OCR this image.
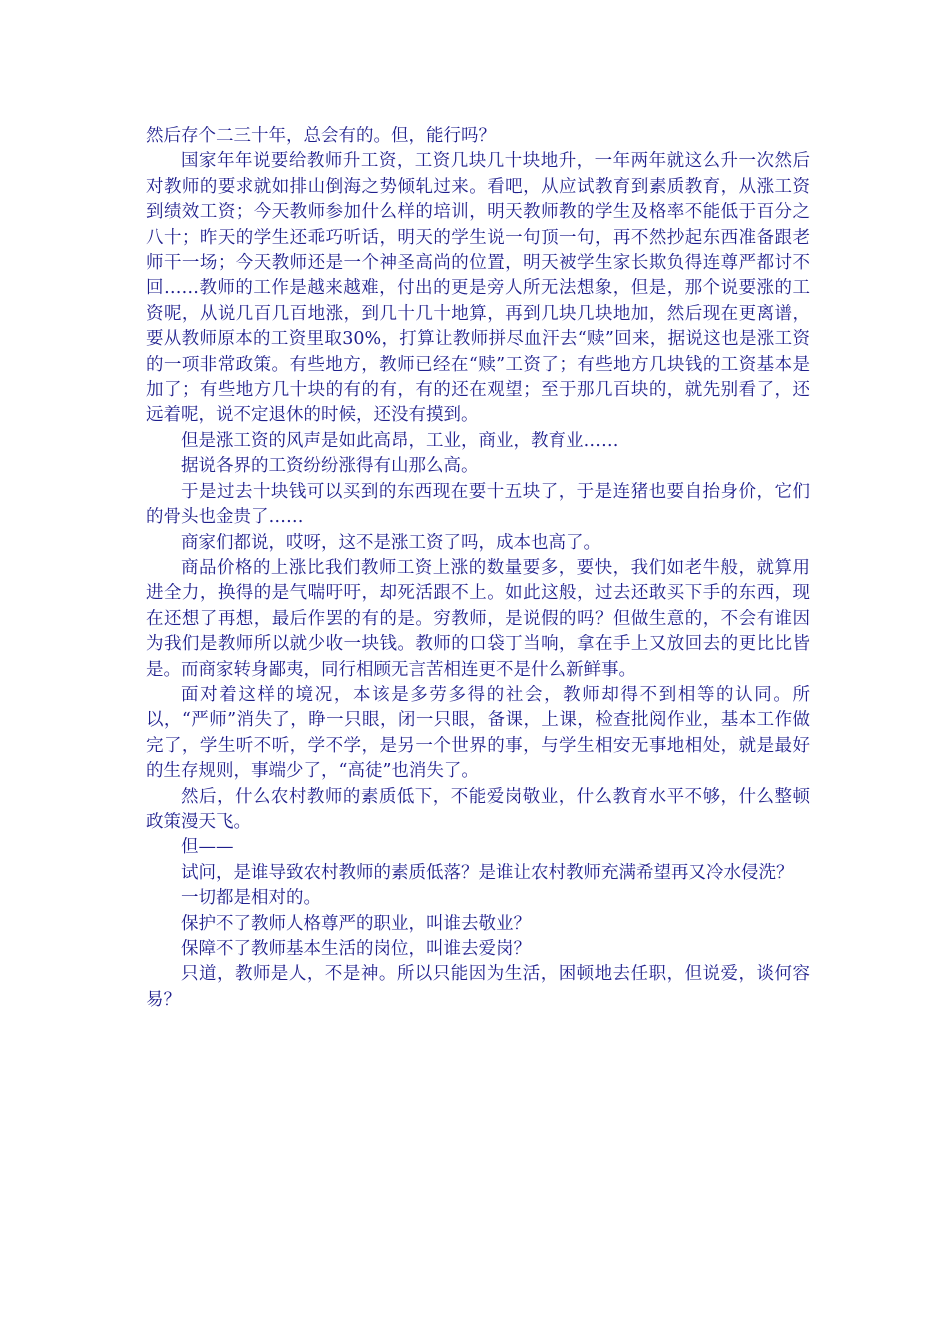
然后存个二三十年，总会有的。但，能行吗？

国家年年说要给教师升工资，工资几块几十块地升，一年两年就这么升一次然后对教师的要求就如排山倒海之势倾轧过来。看吧，从应试教育到素质教育，从涨工资到绩效工资；今天教师参加什么样的培训，明天教师教的学生及格率不能低于百分之八十；昨天的学生还乖巧听话，明天的学生说一句顶一句，再不然抄起东西准备跟老师干一场；今天教师还是一个神圣高尚的位置，明天被学生家长欺负得连尊严都讨不回……教师的工作是越来越难，付出的更是旁人所无法想象，但是，那个说要涨的工资呢，从说几百几百地涨，到几十几十地算，再到几块几块地加，然后现在更离谱，要从教师原本的工资里取30%，打算让教师拼尽血汗去“赎”回来，据说这也是涨工资的一项非常政策。有些地方，教师已经在“赎”工资了；有些地方几块钱的工资基本是加了；有些地方几十块的有的有，有的还在观望；至于那几百块的，就先别看了，还远着呢，说不定退休的时候，还没有摸到。

但是涨工资的风声是如此高昂，工业，商业，教育业……

据说各界的工资纷纷涨得有山那么高。

于是过去十块钱可以买到的东西现在要十五块了，于是连猪也要自抬身价，它们的骨头也金贵了……

商家们都说，哎呀，这不是涨工资了吗，成本也高了。

商品价格的上涨比我们教师工资上涨的数量要多，要快，我们如老牛般，就算用进全力，换得的是气喘吁吁，却死活跟不上。如此这般，过去还敢买下手的东西，现在还想了再想，最后作罢的有的是。穷教师，是说假的吗？但做生意的，不会有谁因为我们是教师所以就少收一块钱。教师的口袋丁当响，拿在手上又放回去的更比比皆是。而商家转身鄙夷，同行相顾无言苦相连更不是什么新鲜事。

面对着这样的境况，本该是多劳多得的社会，教师却得不到相等的认同。所以，“严师”消失了，睁一只眼，闭一只眼，备课，上课，检查批阅作业，基本工作做完了，学生听不听，学不学，是另一个世界的事，与学生相安无事地相处，就是最好的生存规则，事端少了，“高徒”也消失了。

然后，什么农村教师的素质低下，不能爱岗敬业，什么教育水平不够，什么整顿政策漫天飞。

但——

试问，是谁导致农村教师的素质低落？是谁让农村教师充满希望再又冷水侵洗？

一切都是相对的。

保护不了教师人格尊严的职业，叫谁去敬业？

保障不了教师基本生活的岗位，叫谁去爱岗？

只道，教师是人，不是神。所以只能因为生活，困顿地去任职，但说爱，谈何容易？
